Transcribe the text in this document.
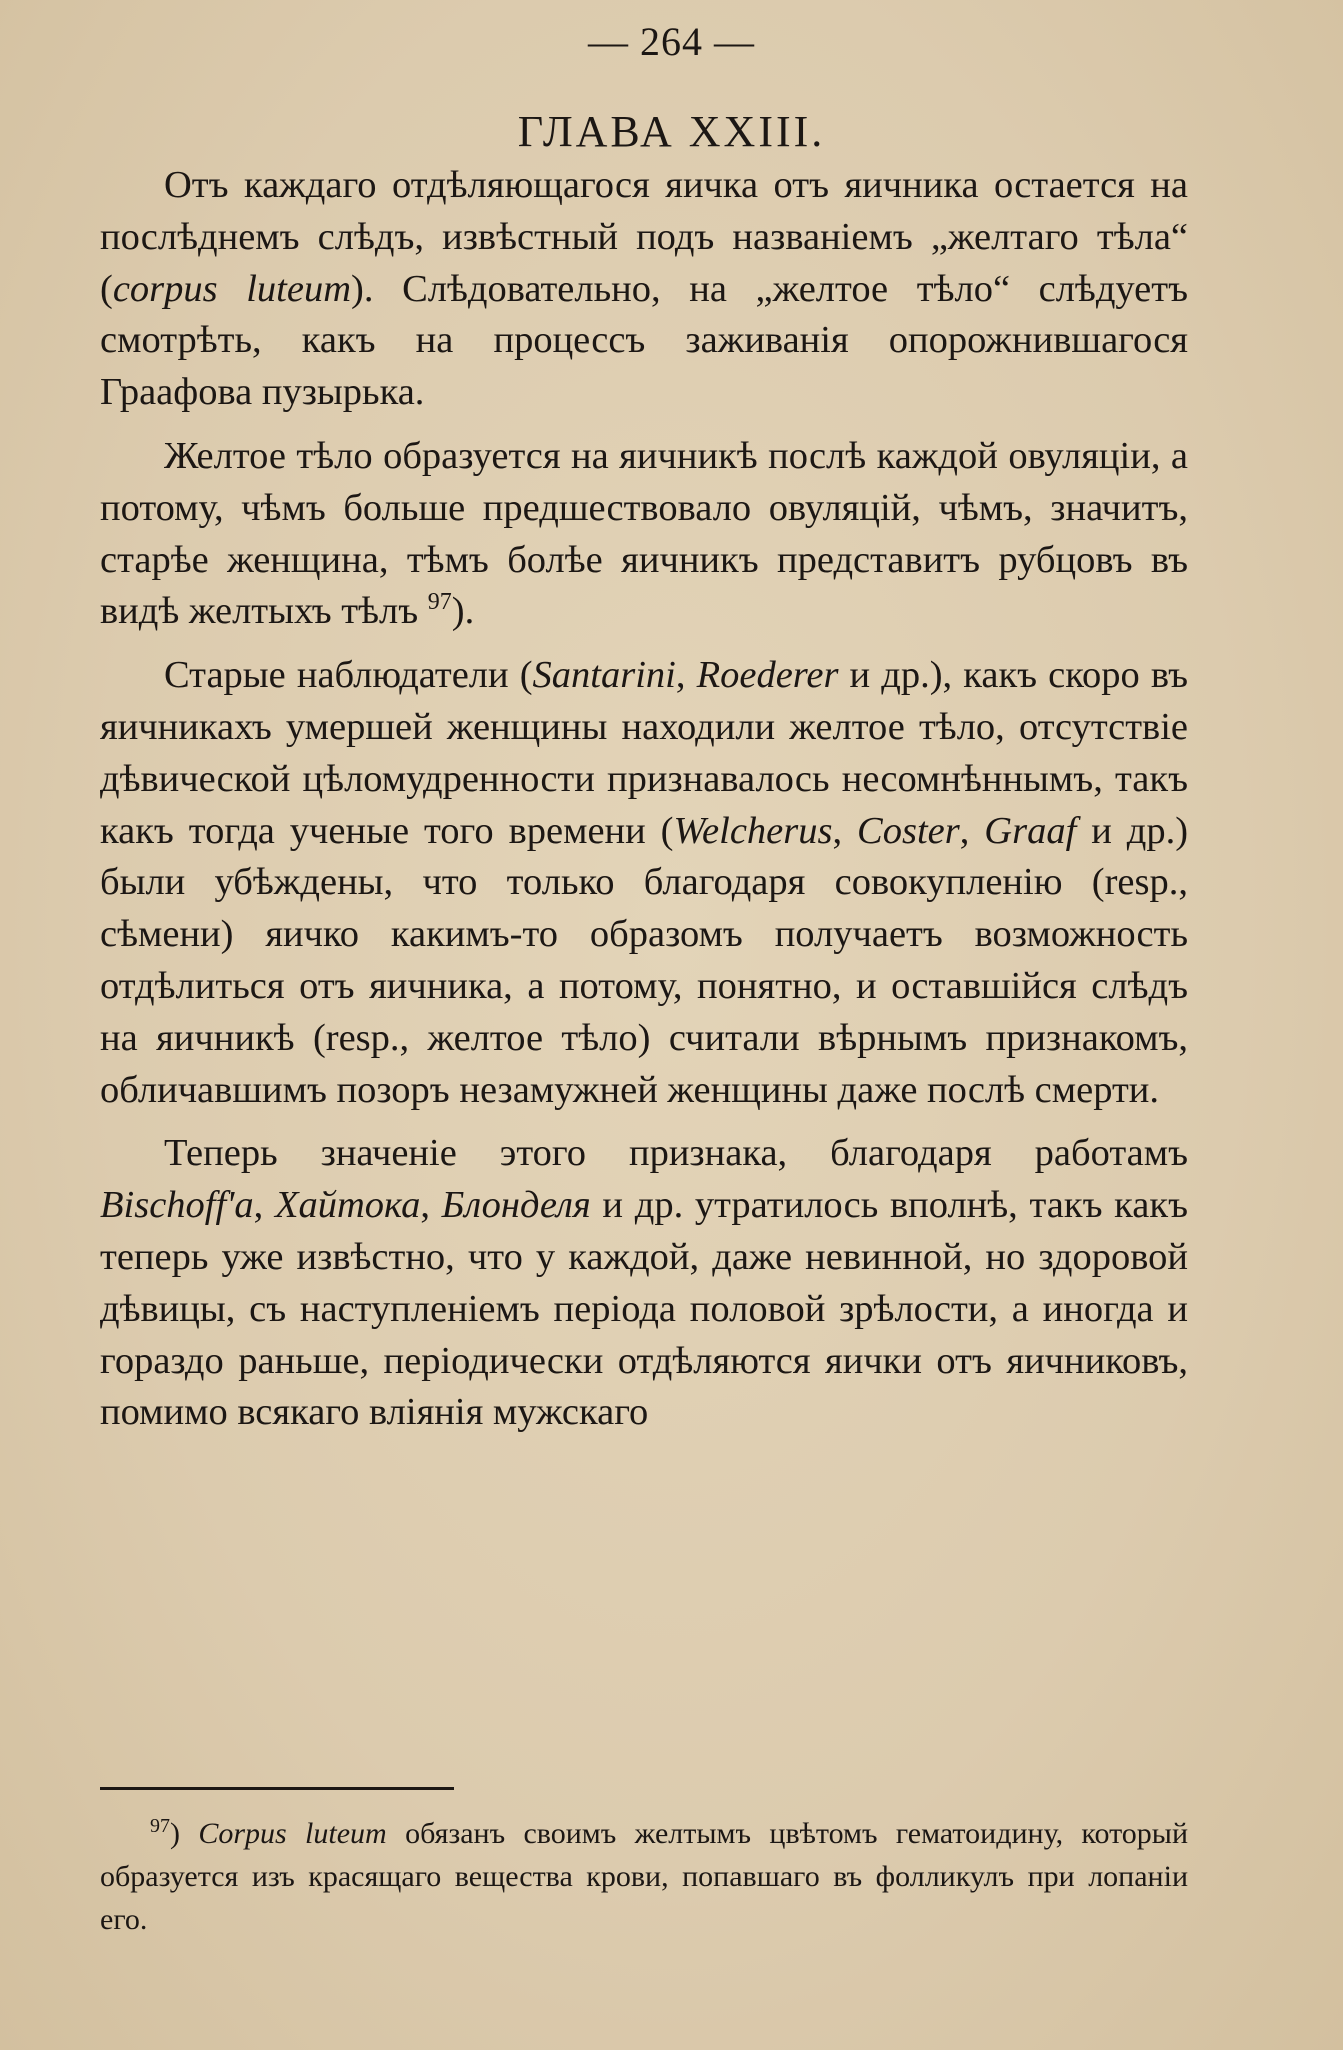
— 264 —
ГЛАВА XXIII.

Отъ каждаго отдѣляющагося яичка отъ яичника остается на послѣднемъ слѣдъ, извѣстный подъ названіемъ „желтаго тѣла“ (corpus luteum). Слѣдовательно, на „желтое тѣло“ слѣдуетъ смотрѣть, какъ на процессъ заживанія опорожнившагося Граафова пузырька.

Желтое тѣло образуется на яичникѣ послѣ каждой овуляціи, а потому, чѣмъ больше предшествовало овуляцій, чѣмъ, значитъ, старѣе женщина, тѣмъ болѣе яичникъ представитъ рубцовъ въ видѣ желтыхъ тѣлъ $^{97}$).

Старые наблюдатели (Santarini, Roederer и др.), какъ скоро въ яичникахъ умершей женщины находили желтое тѣло, отсутствіе дѣвической цѣломудренности признавалось несомнѣннымъ, такъ какъ тогда ученые того времени (Welcherus, Coster, Graaf и др.) были убѣждены, что только благодаря совокупленію (resp., сѣмени) яичко какимъ-то образомъ получаетъ возможность отдѣлиться отъ яичника, а потому, понятно, и оставшійся слѣдъ на яичникѣ (resp., желтое тѣло) считали вѣрнымъ признакомъ, обличавшимъ позоръ незамужней женщины даже послѣ смерти.

Теперь значеніе этого признака, благодаря работамъ Bischoff'a, Хайтока, Блонделя и др. утратилось вполнѣ, такъ какъ теперь уже извѣстно, что у каждой, даже невинной, но здоровой дѣвицы, съ наступленіемъ періода половой зрѣлости, а иногда и гораздо раньше, періодически отдѣляются яички отъ яичниковъ, помимо всякаго вліянія мужскаго

$^{97}$) Corpus luteum обязанъ своимъ желтымъ цвѣтомъ гематоидину, который образуется изъ красящаго вещества крови, попавшаго въ фолликулъ при лопаніи его.
